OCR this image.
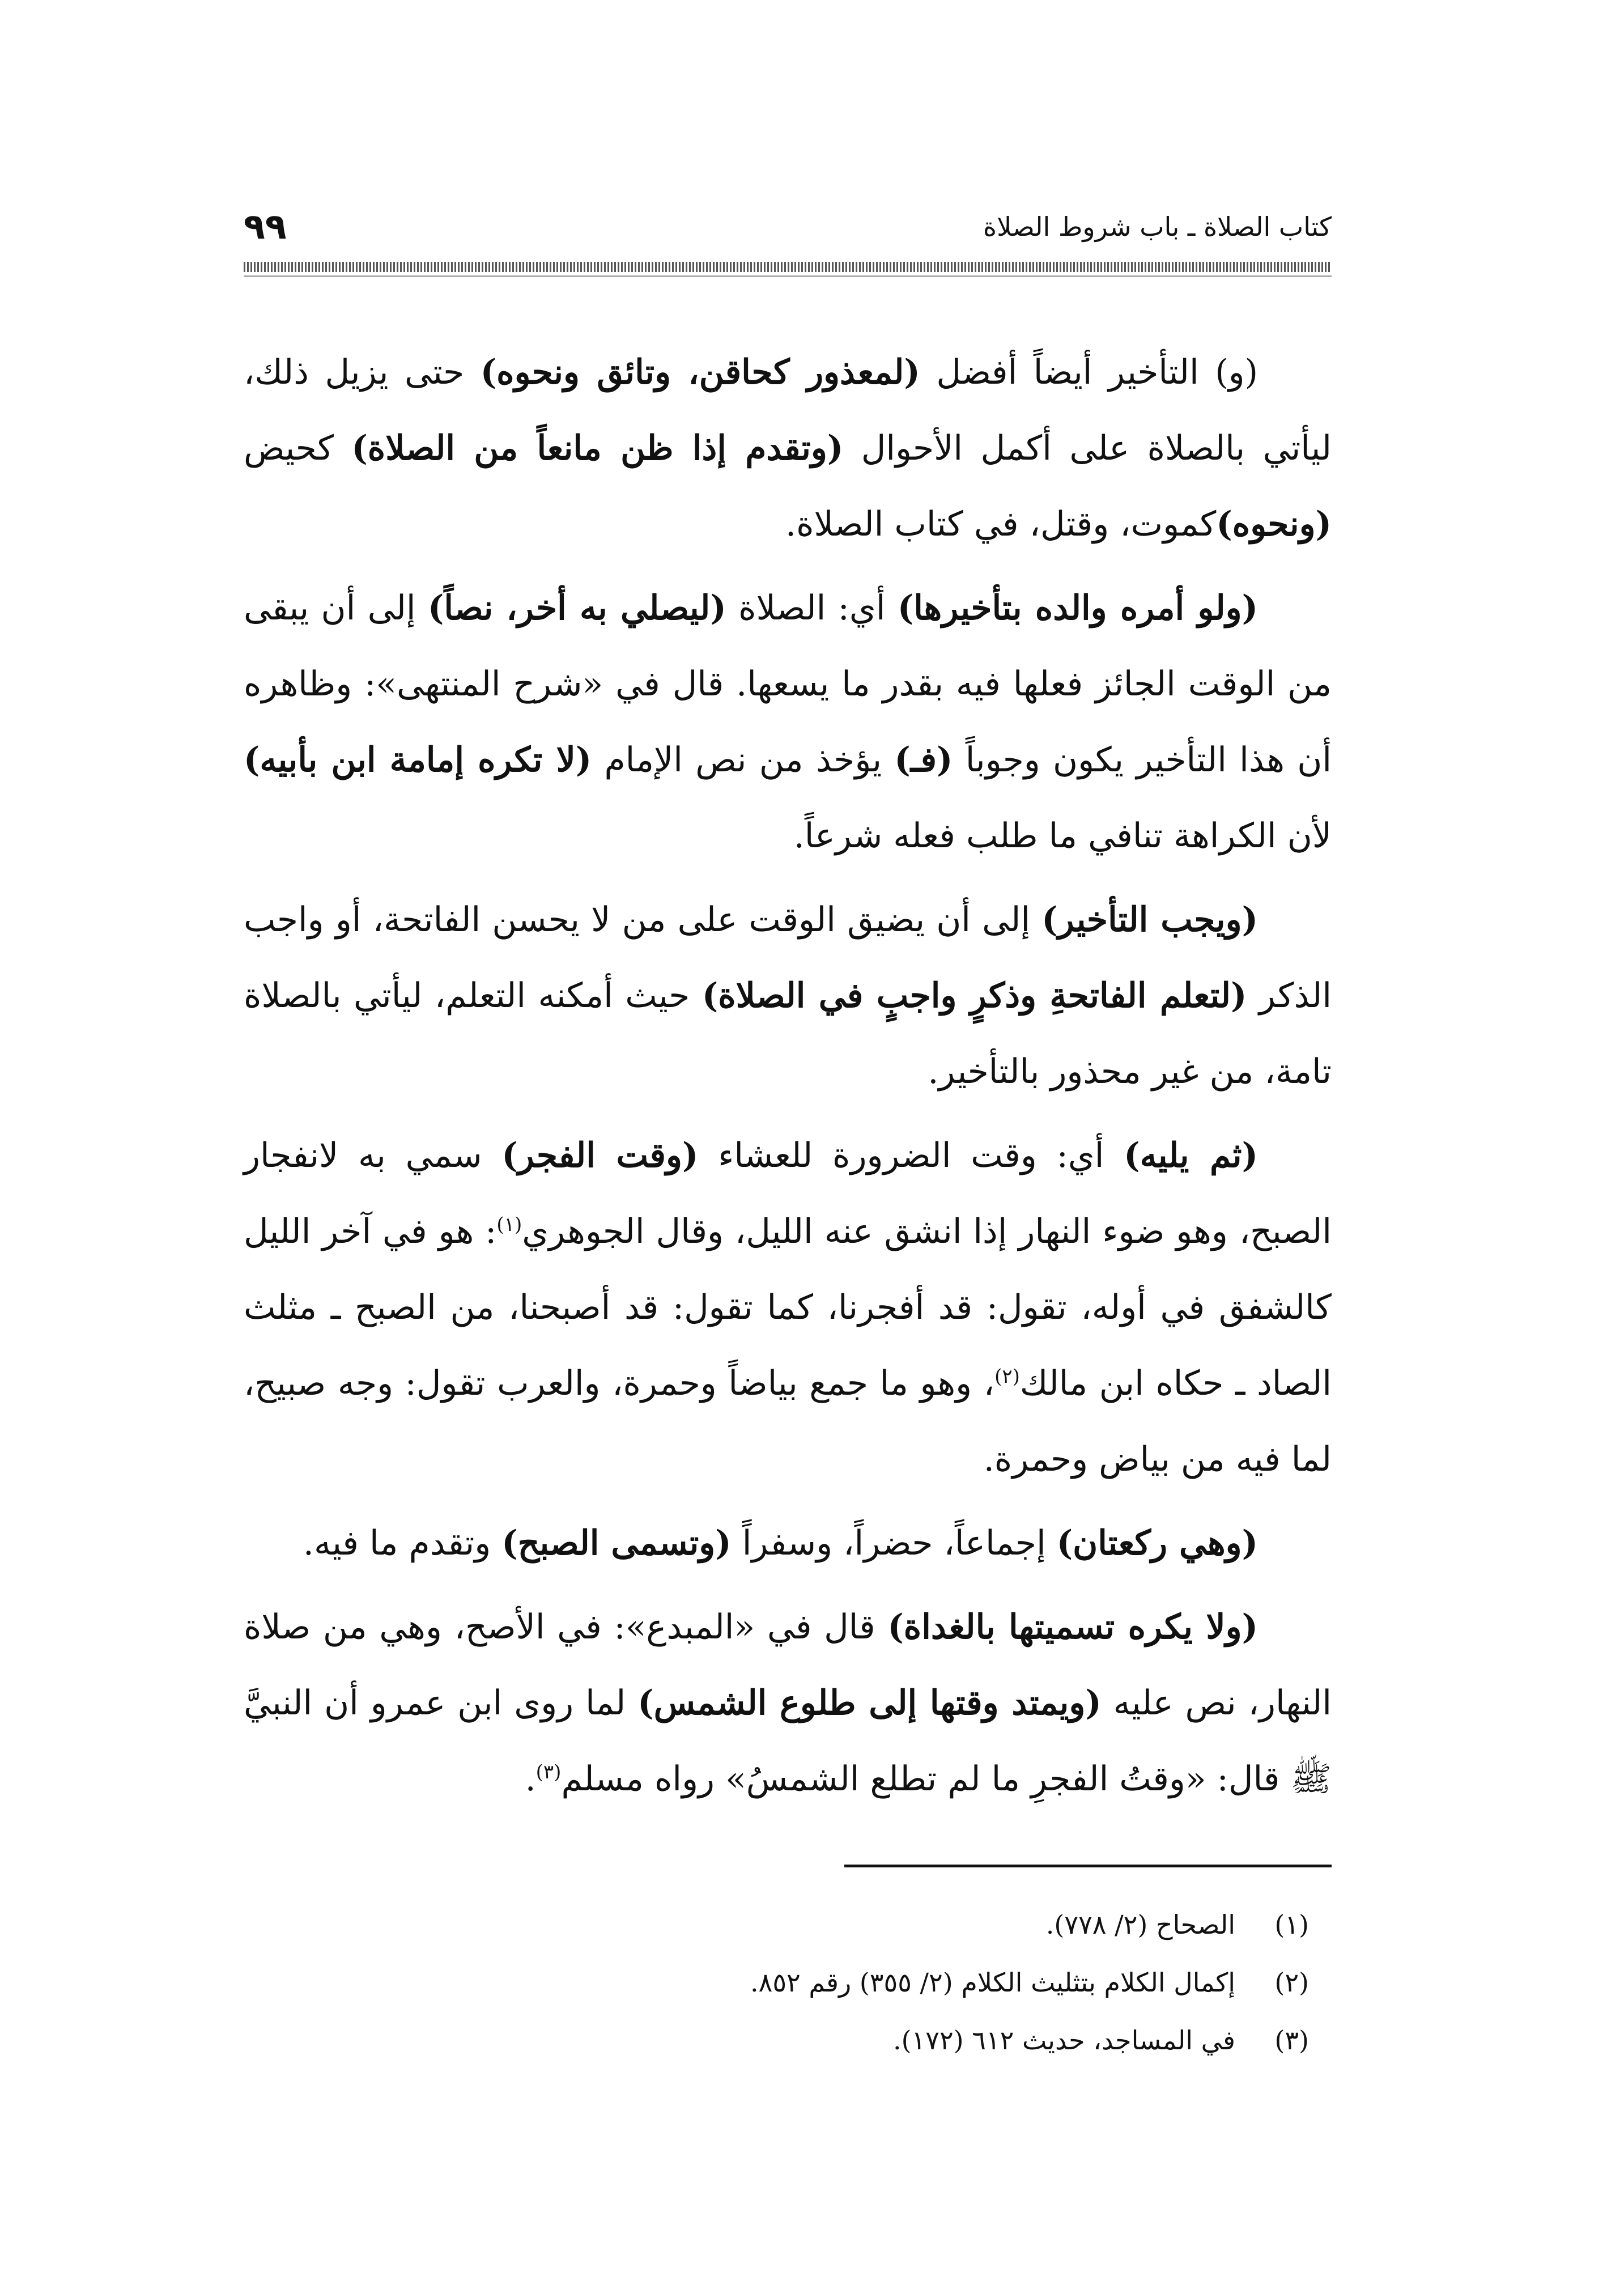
كتاب الصلاة ـ باب شروط الصلاة
٩٩

(و) التأخير أيضاً أفضل (لمعذور كحاقن، وتائق ونحوه) حتى يزيل ذلك، ليأتي بالصلاة على أكمل الأحوال (وتقدم إذا ظن مانعاً من الصلاة) كحيض (ونحوه)كموت، وقتل، في كتاب الصلاة.

(ولو أمره والده بتأخيرها) أي: الصلاة (ليصلي به أخر، نصاً) إلى أن يبقى من الوقت الجائز فعلها فيه بقدر ما يسعها. قال في «شرح المنتهى»: وظاهره أن هذا التأخير يكون وجوباً (فـ) يؤخذ من نص الإمام (لا تكره إمامة ابن بأبيه) لأن الكراهة تنافي ما طلب فعله شرعاً.

(ويجب التأخير) إلى أن يضيق الوقت على من لا يحسن الفاتحة، أو واجب الذكر (لتعلم الفاتحةِ وذكرٍ واجبٍ في الصلاة) حيث أمكنه التعلم، ليأتي بالصلاة تامة، من غير محذور بالتأخير.

(ثم يليه) أي: وقت الضرورة للعشاء (وقت الفجر) سمي به لانفجار الصبح، وهو ضوء النهار إذا انشق عنه الليل، وقال الجوهري$^{(١)}$: هو في آخر الليل كالشفق في أوله، تقول: قد أفجرنا، كما تقول: قد أصبحنا، من الصبح ـ مثلث الصاد ـ حكاه ابن مالك$^{(٢)}$، وهو ما جمع بياضاً وحمرة، والعرب تقول: وجه صبيح، لما فيه من بياض وحمرة.

(وهي ركعتان) إجماعاً، حضراً، وسفراً (وتسمى الصبح) وتقدم ما فيه.

(ولا يكره تسميتها بالغداة) قال في «المبدع»: في الأصح، وهي من صلاة النهار، نص عليه (ويمتد وقتها إلى طلوع الشمس) لما روى ابن عمرو أن النبيَّ ﷺ قال: «وقتُ الفجرِ ما لم تطلع الشمسُ» رواه مسلم$^{(٣)}$.

(١)الصحاح (٢/ ٧٧٨).
(٢)إكمال الكلام بتثليث الكلام (٢/ ٣٥٥) رقم ٨٥٢.
(٣)في المساجد، حديث ٦١٢ (١٧٢).
